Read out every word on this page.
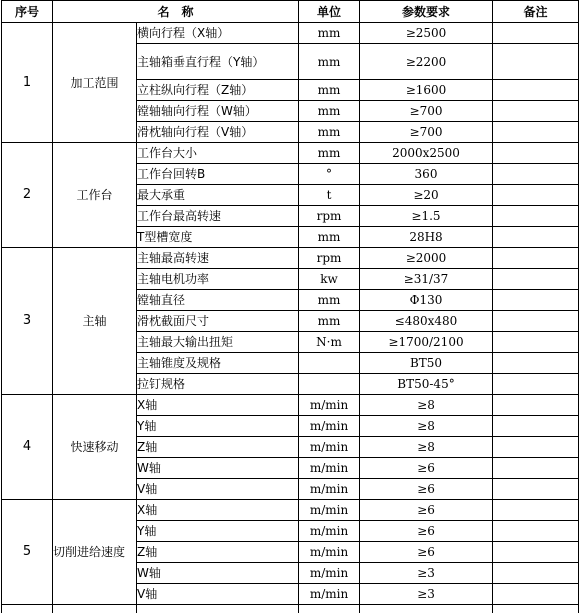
序号	名　称		单位	参数要求	备注
1	加工范围	横向行程（X轴）	mm	≥2500	
		主轴箱垂直行程（Y轴）	mm	≥2200	
		立柱纵向行程（Z轴）	mm	≥1600	
		镗轴轴向行程（W轴）	mm	≥700	
		滑枕轴向行程（V轴）	mm	≥700	
2	工作台	工作台大小	mm	2000x2500	
		工作台回转B	°	360	
		最大承重	t	≥20	
		工作台最高转速	rpm	≥1.5	
		T型槽宽度	mm	28H8	
3	主轴	主轴最高转速	rpm	≥2000	
		主轴电机功率	kw	≥31/37	
		镗轴直径	mm	Φ130	
		滑枕截面尺寸	mm	≤480x480	
		主轴最大输出扭矩	N·m	≥1700/2100	
		主轴锥度及规格		BT50	
		拉钉规格		BT50-45°	
4	快速移动	X轴	m/min	≥8	
		Y轴	m/min	≥8	
		Z轴	m/min	≥8	
		W轴	m/min	≥6	
		V轴	m/min	≥6	
5	切削进给速度	X轴	m/min	≥6	
		Y轴	m/min	≥6	
		Z轴	m/min	≥6	
		W轴	m/min	≥3	
		V轴	m/min	≥3	
